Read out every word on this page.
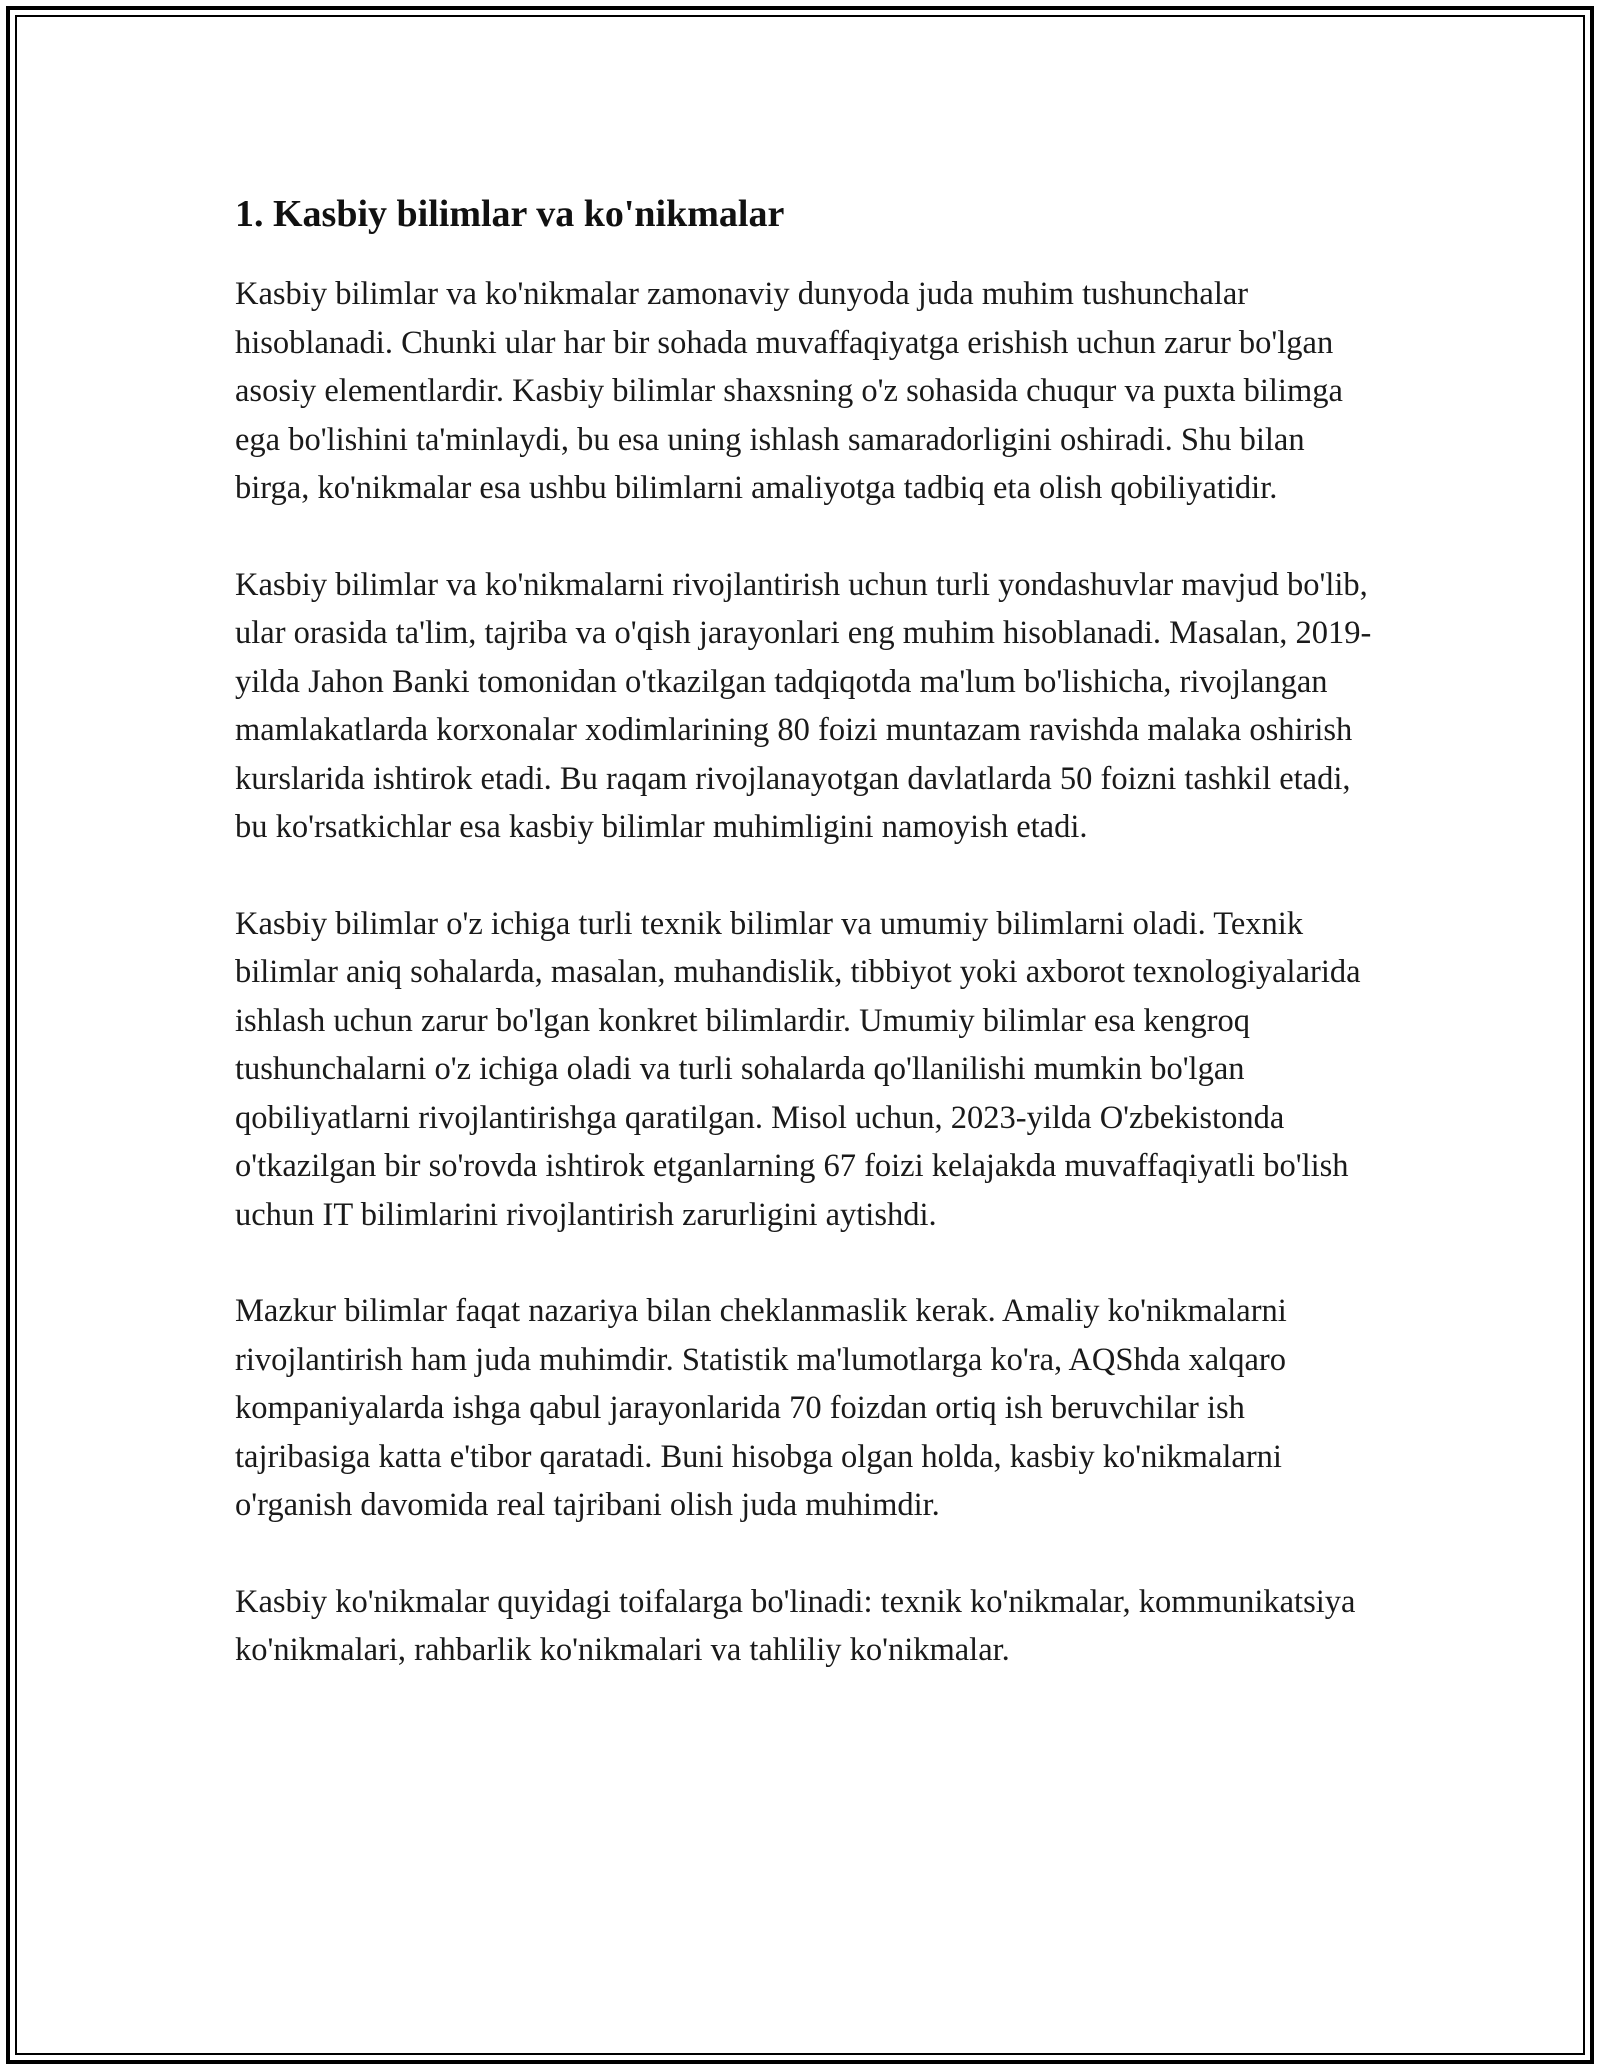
1. Kasbiy bilimlar va ko'nikmalar

Kasbiy bilimlar va ko'nikmalar zamonaviy dunyoda juda muhim tushunchalar hisoblanadi. Chunki ular har bir sohada muvaffaqiyatga erishish uchun zarur bo'lgan asosiy elementlardir. Kasbiy bilimlar shaxsning o'z sohasida chuqur va puxta bilimga ega bo'lishini ta'minlaydi, bu esa uning ishlash samaradorligini oshiradi. Shu bilan birga, ko'nikmalar esa ushbu bilimlarni amaliyotga tadbiq eta olish qobiliyatidir.

Kasbiy bilimlar va ko'nikmalarni rivojlantirish uchun turli yondashuvlar mavjud bo'lib, ular orasida ta'lim, tajriba va o'qish jarayonlari eng muhim hisoblanadi. Masalan, 2019-yilda Jahon Banki tomonidan o'tkazilgan tadqiqotda ma'lum bo'lishicha, rivojlangan mamlakatlarda korxonalar xodimlarining 80 foizi muntazam ravishda malaka oshirish kurslarida ishtirok etadi. Bu raqam rivojlanayotgan davlatlarda 50 foizni tashkil etadi, bu ko'rsatkichlar esa kasbiy bilimlar muhimligini namoyish etadi.

Kasbiy bilimlar o'z ichiga turli texnik bilimlar va umumiy bilimlarni oladi. Texnik bilimlar aniq sohalarda, masalan, muhandislik, tibbiyot yoki axborot texnologiyalarida ishlash uchun zarur bo'lgan konkret bilimlardir. Umumiy bilimlar esa kengroq tushunchalarni o'z ichiga oladi va turli sohalarda qo'llanilishi mumkin bo'lgan qobiliyatlarni rivojlantirishga qaratilgan. Misol uchun, 2023-yilda O'zbekistonda o'tkazilgan bir so'rovda ishtirok etganlarning 67 foizi kelajakda muvaffaqiyatli bo'lish uchun IT bilimlarini rivojlantirish zarurligini aytishdi.

Mazkur bilimlar faqat nazariya bilan cheklanmaslik kerak. Amaliy ko'nikmalarni rivojlantirish ham juda muhimdir. Statistik ma'lumotlarga ko'ra, AQShda xalqaro kompaniyalarda ishga qabul jarayonlarida 70 foizdan ortiq ish beruvchilar ish tajribasiga katta e'tibor qaratadi. Buni hisobga olgan holda, kasbiy ko'nikmalarni o'rganish davomida real tajribani olish juda muhimdir.

Kasbiy ko'nikmalar quyidagi toifalarga bo'linadi: texnik ko'nikmalar, kommunikatsiya ko'nikmalari, rahbarlik ko'nikmalari va tahliliy ko'nikmalar.
